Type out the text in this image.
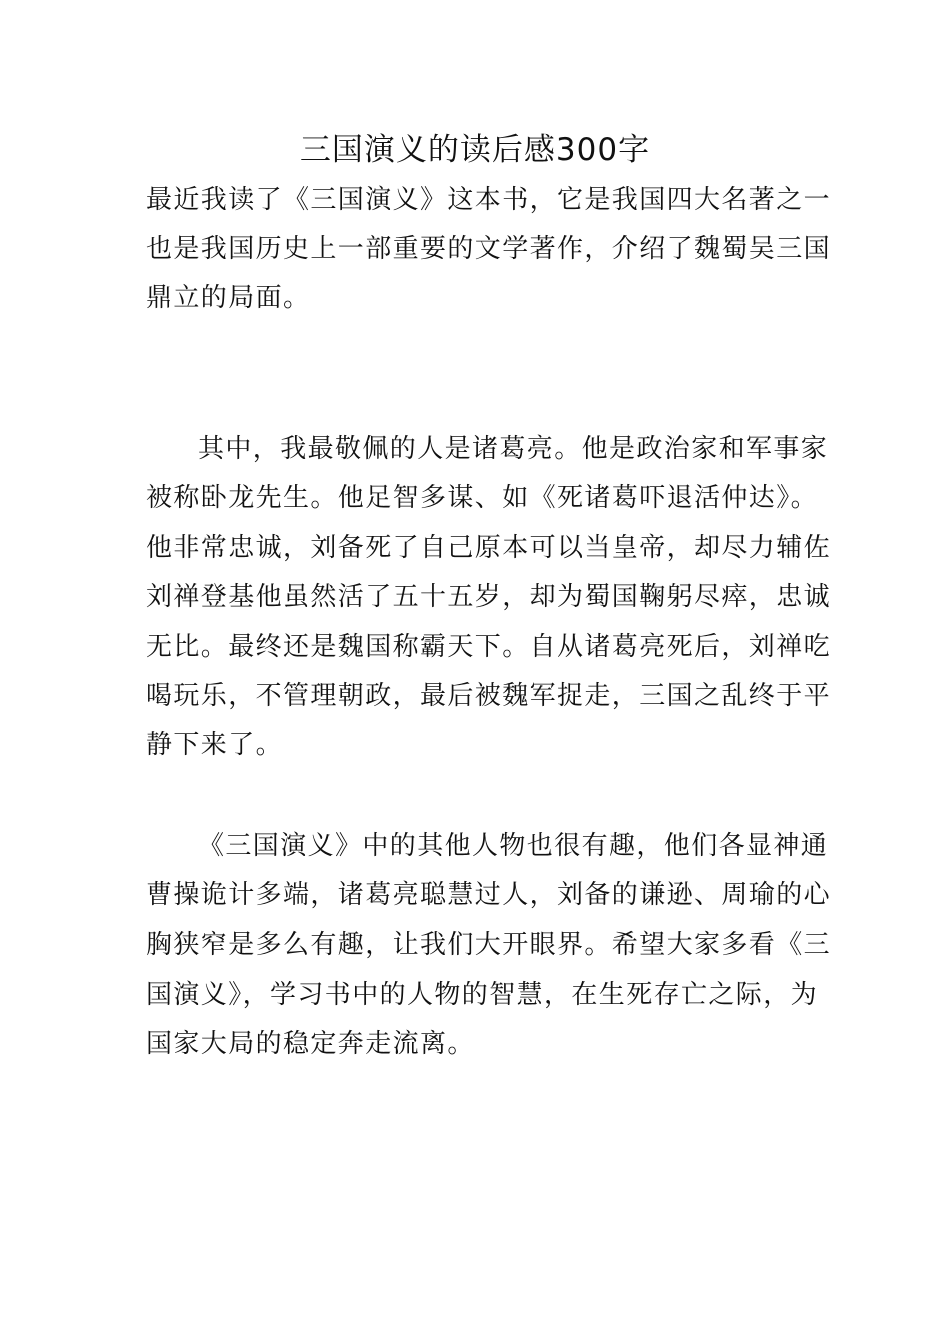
三国演义的读后感300字
最近我读了《三国演义》这本书，它是我国四大名著之一
也是我国历史上一部重要的文学著作，介绍了魏蜀吴三国
鼎立的局面。
其中，我最敬佩的人是诸葛亮。他是政治家和军事家
被称卧龙先生。他足智多谋、如《死诸葛吓退活仲达》。
他非常忠诚，刘备死了自己原本可以当皇帝，却尽力辅佐
刘禅登基他虽然活了五十五岁，却为蜀国鞠躬尽瘁，忠诚
无比。最终还是魏国称霸天下。自从诸葛亮死后，刘禅吃
喝玩乐，不管理朝政，最后被魏军捉走，三国之乱终于平
静下来了。
《三国演义》中的其他人物也很有趣，他们各显神通
曹操诡计多端，诸葛亮聪慧过人，刘备的谦逊、周瑜的心
胸狭窄是多么有趣，让我们大开眼界。希望大家多看《三
国演义》，学习书中的人物的智慧，在生死存亡之际，为
国家大局的稳定奔走流离。
